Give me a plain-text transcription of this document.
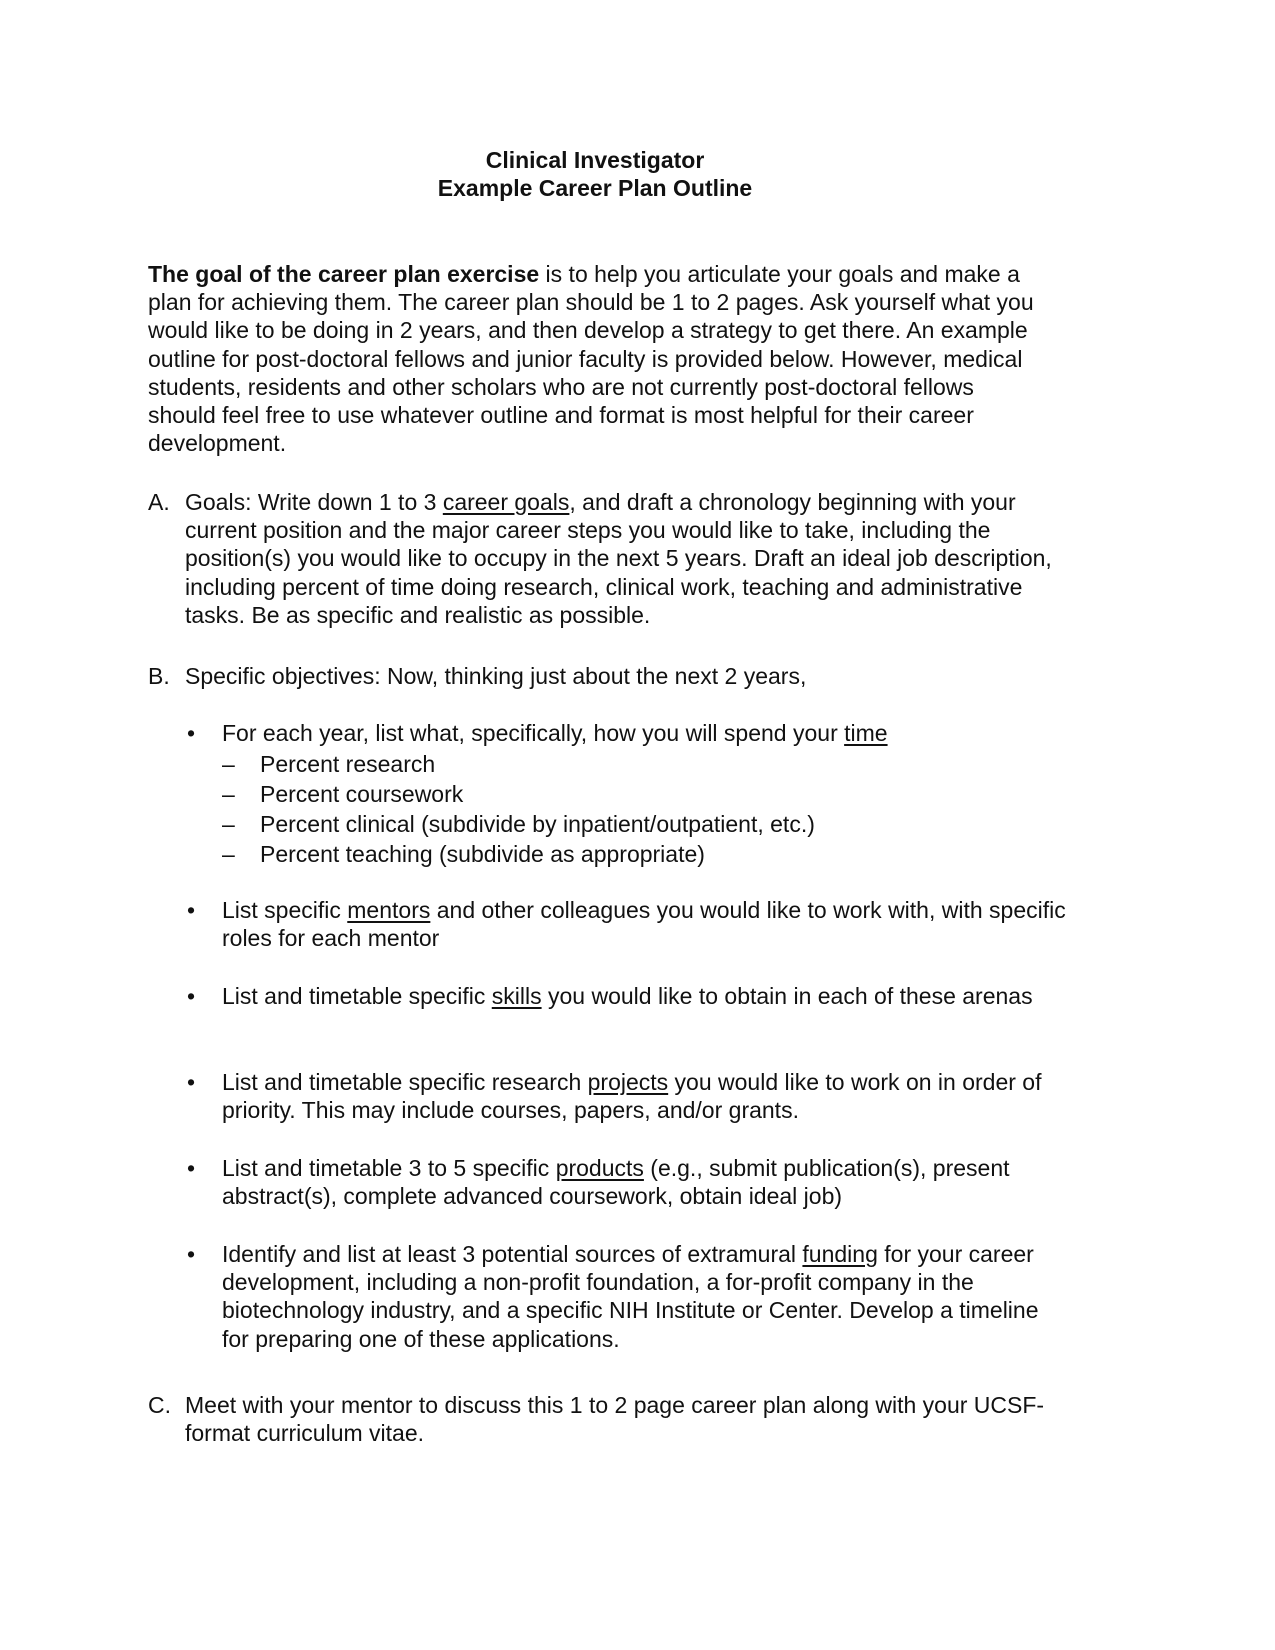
Clinical Investigator
Example Career Plan Outline
The goal of the career plan exercise is to help you articulate your goals and make a plan for achieving them. The career plan should be 1 to 2 pages. Ask yourself what you would like to be doing in 2 years, and then develop a strategy to get there. An example outline for post-doctoral fellows and junior faculty is provided below. However, medical students, residents and other scholars who are not currently post-doctoral fellows should feel free to use whatever outline and format is most helpful for their career development.
A. Goals: Write down 1 to 3 career goals, and draft a chronology beginning with your current position and the major career steps you would like to take, including the position(s) you would like to occupy in the next 5 years. Draft an ideal job description, including percent of time doing research, clinical work, teaching and administrative tasks. Be as specific and realistic as possible.
B. Specific objectives: Now, thinking just about the next 2 years,
•	For each year, list what, specifically, how you will spend your time
– Percent research
– Percent coursework
– Percent clinical (subdivide by inpatient/outpatient, etc.)
– Percent teaching (subdivide as appropriate)
•	List specific mentors and other colleagues you would like to work with, with specific roles for each mentor
•	List and timetable specific skills you would like to obtain in each of these arenas
•	List and timetable specific research projects you would like to work on in order of priority. This may include courses, papers, and/or grants.
•	List and timetable 3 to 5 specific products (e.g., submit publication(s), present abstract(s), complete advanced coursework, obtain ideal job)
•	Identify and list at least 3 potential sources of extramural funding for your career development, including a non-profit foundation, a for-profit company in the biotechnology industry, and a specific NIH Institute or Center. Develop a timeline for preparing one of these applications.
C. Meet with your mentor to discuss this 1 to 2 page career plan along with your UCSF-format curriculum vitae.
